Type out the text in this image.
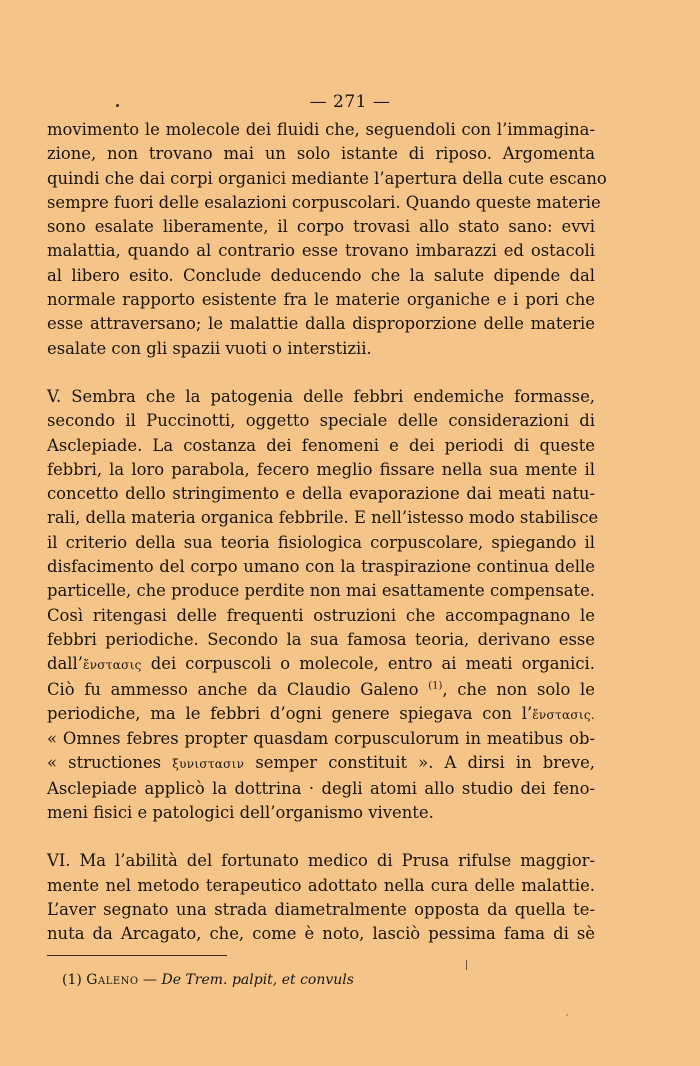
— 271 —
movimento le molecole dei fluidi che, seguendoli con l’immagina-
zione, non trovano mai un solo istante di riposo. Argomenta
quindi che dai corpi organici mediante l’apertura della cute escano
sempre fuori delle esalazioni corpuscolari. Quando queste materie
sono esalate liberamente, il corpo trovasi allo stato sano: evvi
malattia, quando al contrario esse trovano imbarazzi ed ostacoli
al libero esito. Conclude deducendo che la salute dipende dal
normale rapporto esistente fra le materie organiche e i pori che
esse attraversano; le malattie dalla disproporzione delle materie
esalate con gli spazii vuoti o interstizii.
V. Sembra che la patogenia delle febbri endemiche formasse,
secondo il Puccinotti, oggetto speciale delle considerazioni di
Asclepiade. La costanza dei fenomeni e dei periodi di queste
febbri, la loro parabola, fecero meglio fissare nella sua mente il
concetto dello stringimento e della evaporazione dai meati natu-
rali, della materia organica febbrile. E nell’istesso modo stabilisce
il criterio della sua teoria fisiologica corpuscolare, spiegando il
disfacimento del corpo umano con la traspirazione continua delle
particelle, che produce perdite non mai esattamente compensate.
Così ritengasi delle frequenti ostruzioni che accompagnano le
febbri periodiche. Secondo la sua famosa teoria, derivano esse
dall’ἔνστασις dei corpuscoli o molecole, entro ai meati organici.
Ciò fu ammesso anche da Claudio Galeno $^{(1)}$, che non solo le
periodiche, ma le febbri d’ogni genere spiegava con l’ἔνστασις.
« Omnes febres propter quasdam corpusculorum in meatibus ob-
« structiones ξυνιστασιν semper constituit ». A dirsi in breve,
Asclepiade applicò la dottrina · degli atomi allo studio dei feno-
meni fisici e patologici dell’organismo vivente.
VI. Ma l’abilità del fortunato medico di Prusa rifulse maggior-
mente nel metodo terapeutico adottato nella cura delle malattie.
L’aver segnato una strada diametralmente opposta da quella te-
nuta da Arcagato, che, come è noto, lasciò pessima fama di sè
(1) Galeno — De Trem. palpit, et convuls
